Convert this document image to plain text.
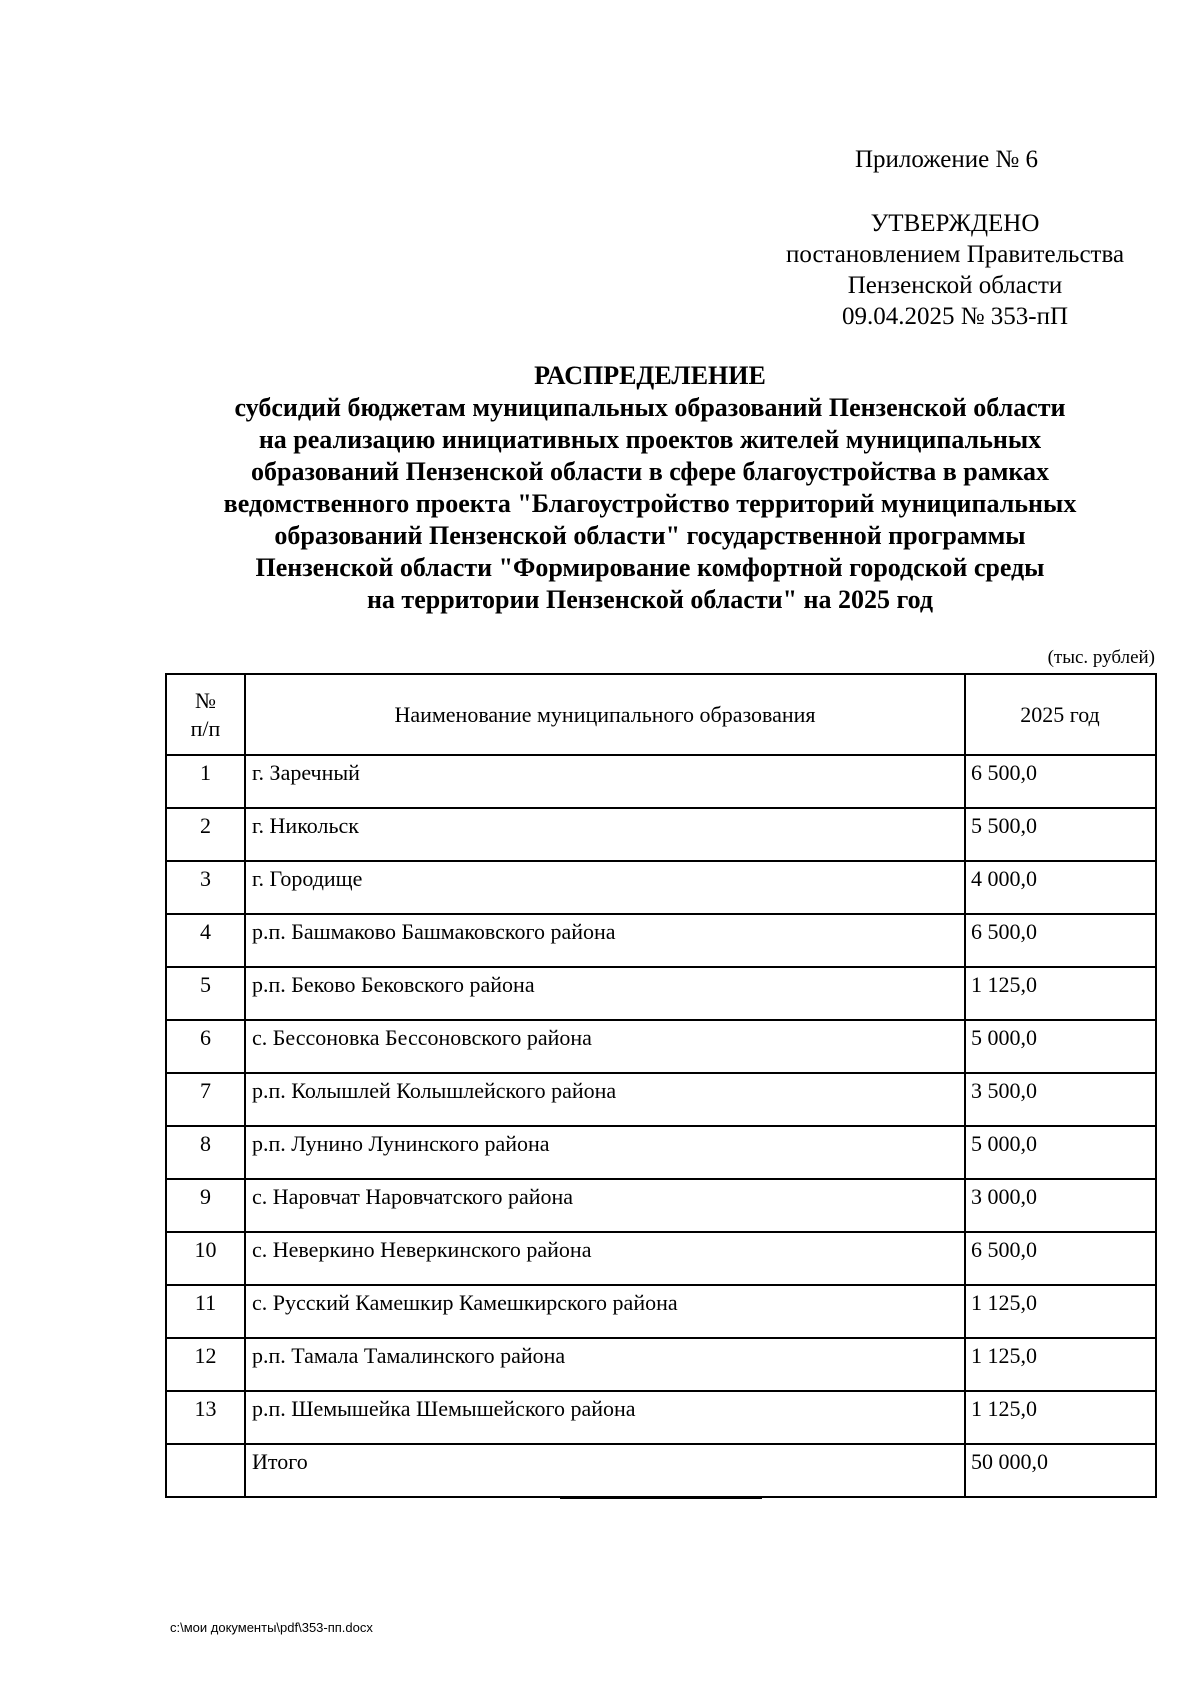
Приложение № 6
УТВЕРЖДЕНО
постановлением Правительства
Пензенской области
09.04.2025 № 353-пП
РАСПРЕДЕЛЕНИЕ
субсидий бюджетам муниципальных образований Пензенской области
на реализацию инициативных проектов жителей муниципальных
образований Пензенской области в сфере благоустройства в рамках
ведомственного проекта "Благоустройство территорий муниципальных
образований Пензенской области" государственной программы
Пензенской области "Формирование комфортной городской среды
на территории Пензенской области" на 2025 год
(тыс. рублей)
№
п/п	Наименование муниципального образования	2025 год
1	г. Заречный	6 500,0
2	г. Никольск	5 500,0
3	г. Городище	4 000,0
4	р.п. Башмаково Башмаковского района	6 500,0
5	р.п. Беково Бековского района	1 125,0
6	с. Бессоновка Бессоновского района	5 000,0
7	р.п. Колышлей Колышлейского района	3 500,0
8	р.п. Лунино Лунинского района	5 000,0
9	с. Наровчат Наровчатского района	3 000,0
10	с. Неверкино Неверкинского района	6 500,0
11	с. Русский Камешкир Камешкирского района	1 125,0
12	р.п. Тамала Тамалинского района	1 125,0
13	р.п. Шемышейка Шемышейского района	1 125,0
	Итого	50 000,0
c:\мои документы\pdf\353-пп.docx
